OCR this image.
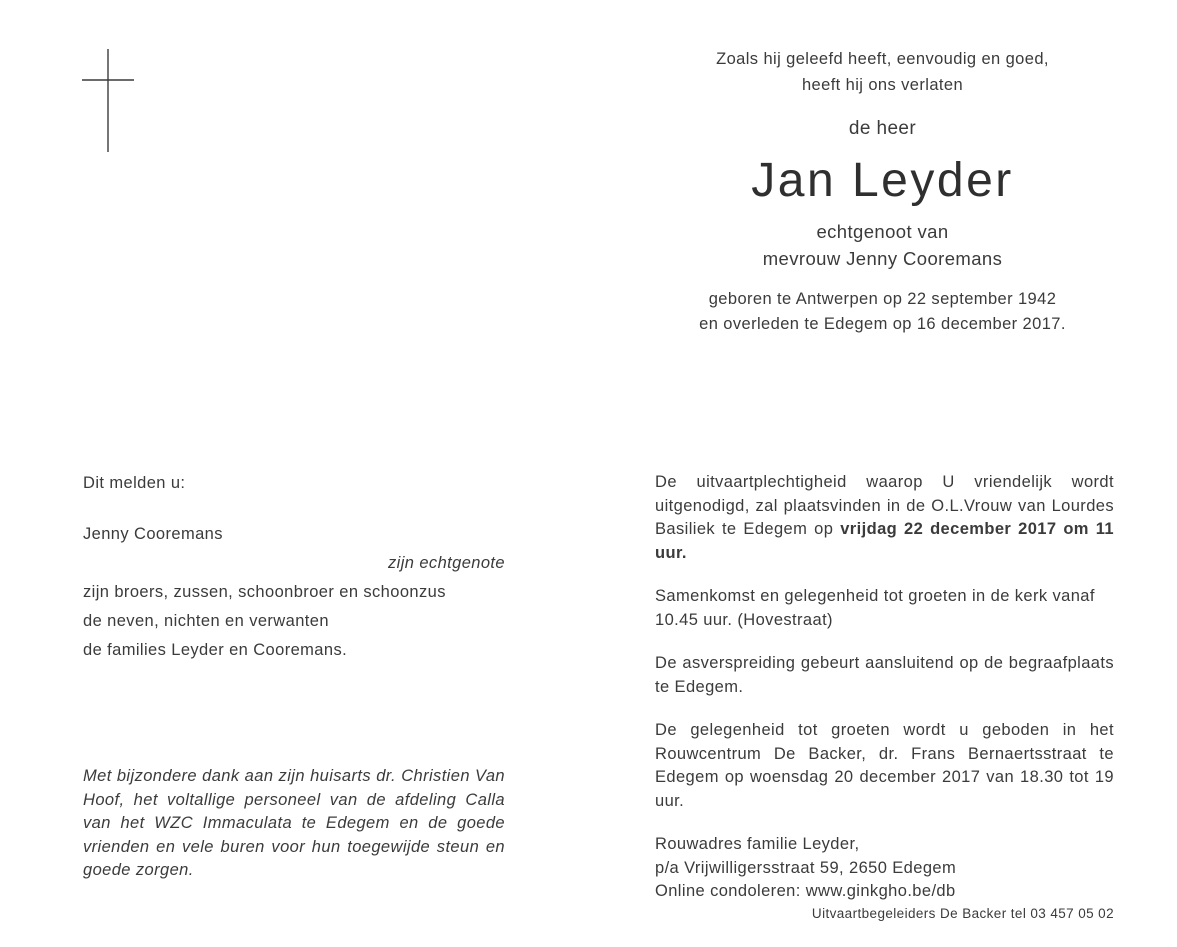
Zoals hij geleefd heeft, eenvoudig en goed,
heeft hij ons verlaten
de heer
Jan Leyder
echtgenoot van
mevrouw Jenny Cooremans
geboren te Antwerpen op 22 september 1942
en overleden te Edegem op 16 december 2017.
Dit melden u:
Jenny Cooremans
zijn echtgenote
zijn broers, zussen, schoonbroer en schoonzus
de neven, nichten en verwanten
de families Leyder en Cooremans.
Met bijzondere dank aan zijn huisarts dr. Christien Van Hoof, het voltallige personeel van de afdeling Calla van het WZC Immaculata te Edegem en de goede vrienden en vele buren voor hun toegewijde steun en goede zorgen.

De uitvaartplechtigheid waarop U vriendelijk wordt uitgenodigd, zal plaatsvinden in de O.L.Vrouw van Lourdes Basiliek te Edegem op vrijdag 22 december 2017 om 11 uur.

Samenkomst en gelegenheid tot groeten in de kerk vanaf 10.45 uur. (Hovestraat)

De asverspreiding gebeurt aansluitend op de begraafplaats te Edegem.

De gelegenheid tot groeten wordt u geboden in het Rouwcentrum De Backer, dr. Frans Bernaertsstraat te Edegem op woensdag 20 december 2017 van 18.30 tot 19 uur.

Rouwadres familie Leyder,
p/a Vrijwilligersstraat 59, 2650 Edegem
Online condoleren: www.ginkgho.be/db
Uitvaartbegeleiders De Backer tel 03 457 05 02
